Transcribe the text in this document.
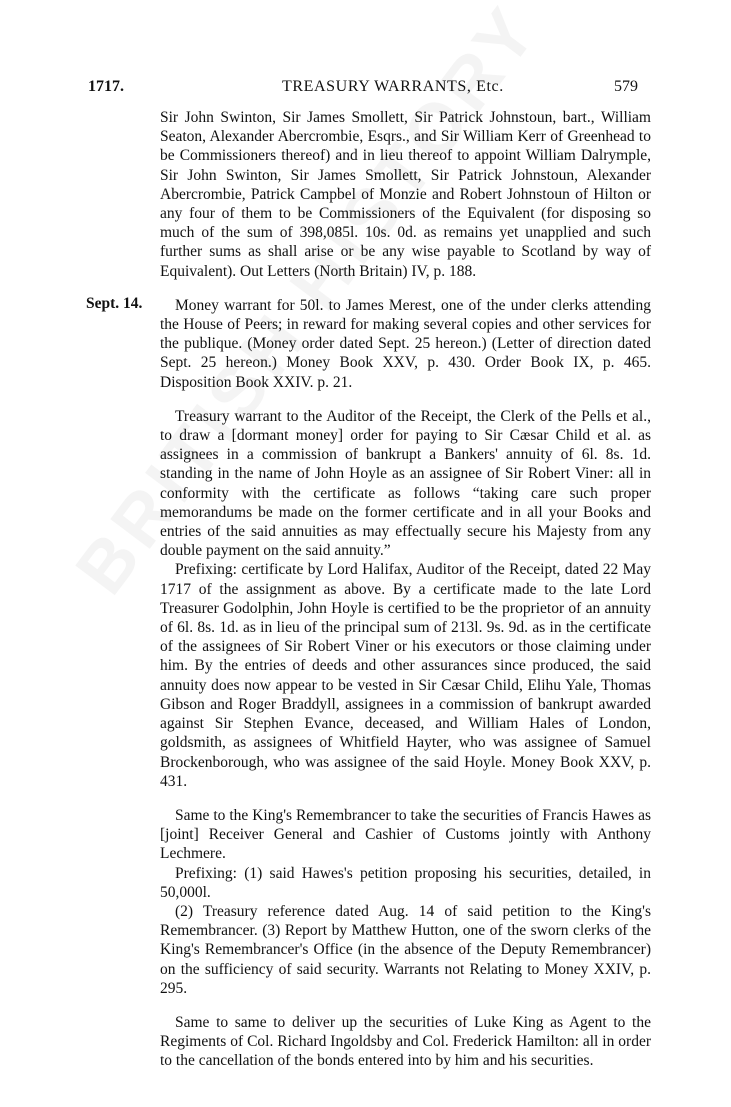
1717.	TREASURY WARRANTS, Etc.	579
Sept. 14.

Sir John Swinton, Sir James Smollett, Sir Patrick Johnstoun, bart., William Seaton, Alexander Abercrombie, Esqrs., and Sir William Kerr of Greenhead to be Commissioners thereof) and in lieu thereof to appoint William Dalrymple, Sir John Swinton, Sir James Smollett, Sir Patrick Johnstoun, Alexander Abercrombie, Patrick Campbel of Monzie and Robert Johnstoun of Hilton or any four of them to be Commissioners of the Equivalent (for disposing so much of the sum of 398,085l. 10s. 0d. as remains yet unapplied and such further sums as shall arise or be any wise payable to Scotland by way of Equivalent). Out Letters (North Britain) IV, p. 188.

Money warrant for 50l. to James Merest, one of the under clerks attending the House of Peers; in reward for making several copies and other services for the publique. (Money order dated Sept. 25 hereon.) (Letter of direction dated Sept. 25 hereon.) Money Book XXV, p. 430. Order Book IX, p. 465. Disposition Book XXIV. p. 21.

Treasury warrant to the Auditor of the Receipt, the Clerk of the Pells et al., to draw a [dormant money] order for paying to Sir Cæsar Child et al. as assignees in a commission of bankrupt a Bankers' annuity of 6l. 8s. 1d. standing in the name of John Hoyle as an assignee of Sir Robert Viner: all in conformity with the certificate as follows “taking care such proper memorandums be made on the former certificate and in all your Books and entries of the said annuities as may effectually secure his Majesty from any double payment on the said annuity.”

Prefixing: certificate by Lord Halifax, Auditor of the Receipt, dated 22 May 1717 of the assignment as above. By a certificate made to the late Lord Treasurer Godolphin, John Hoyle is certified to be the proprietor of an annuity of 6l. 8s. 1d. as in lieu of the principal sum of 213l. 9s. 9d. as in the certificate of the assignees of Sir Robert Viner or his executors or those claiming under him. By the entries of deeds and other assurances since produced, the said annuity does now appear to be vested in Sir Cæsar Child, Elihu Yale, Thomas Gibson and Roger Braddyll, assignees in a commission of bankrupt awarded against Sir Stephen Evance, deceased, and William Hales of London, goldsmith, as assignees of Whitfield Hayter, who was assignee of Samuel Brockenborough, who was assignee of the said Hoyle. Money Book XXV, p. 431.

Same to the King's Remembrancer to take the securities of Francis Hawes as [joint] Receiver General and Cashier of Customs jointly with Anthony Lechmere.

Prefixing: (1) said Hawes's petition proposing his securities, detailed, in 50,000l.

(2) Treasury reference dated Aug. 14 of said petition to the King's Remembrancer. (3) Report by Matthew Hutton, one of the sworn clerks of the King's Remembrancer's Office (in the absence of the Deputy Remembrancer) on the sufficiency of said security. Warrants not Relating to Money XXIV, p. 295.

Same to same to deliver up the securities of Luke King as Agent to the Regiments of Col. Richard Ingoldsby and Col. Frederick Hamilton: all in order to the cancellation of the bonds entered into by him and his securities.
